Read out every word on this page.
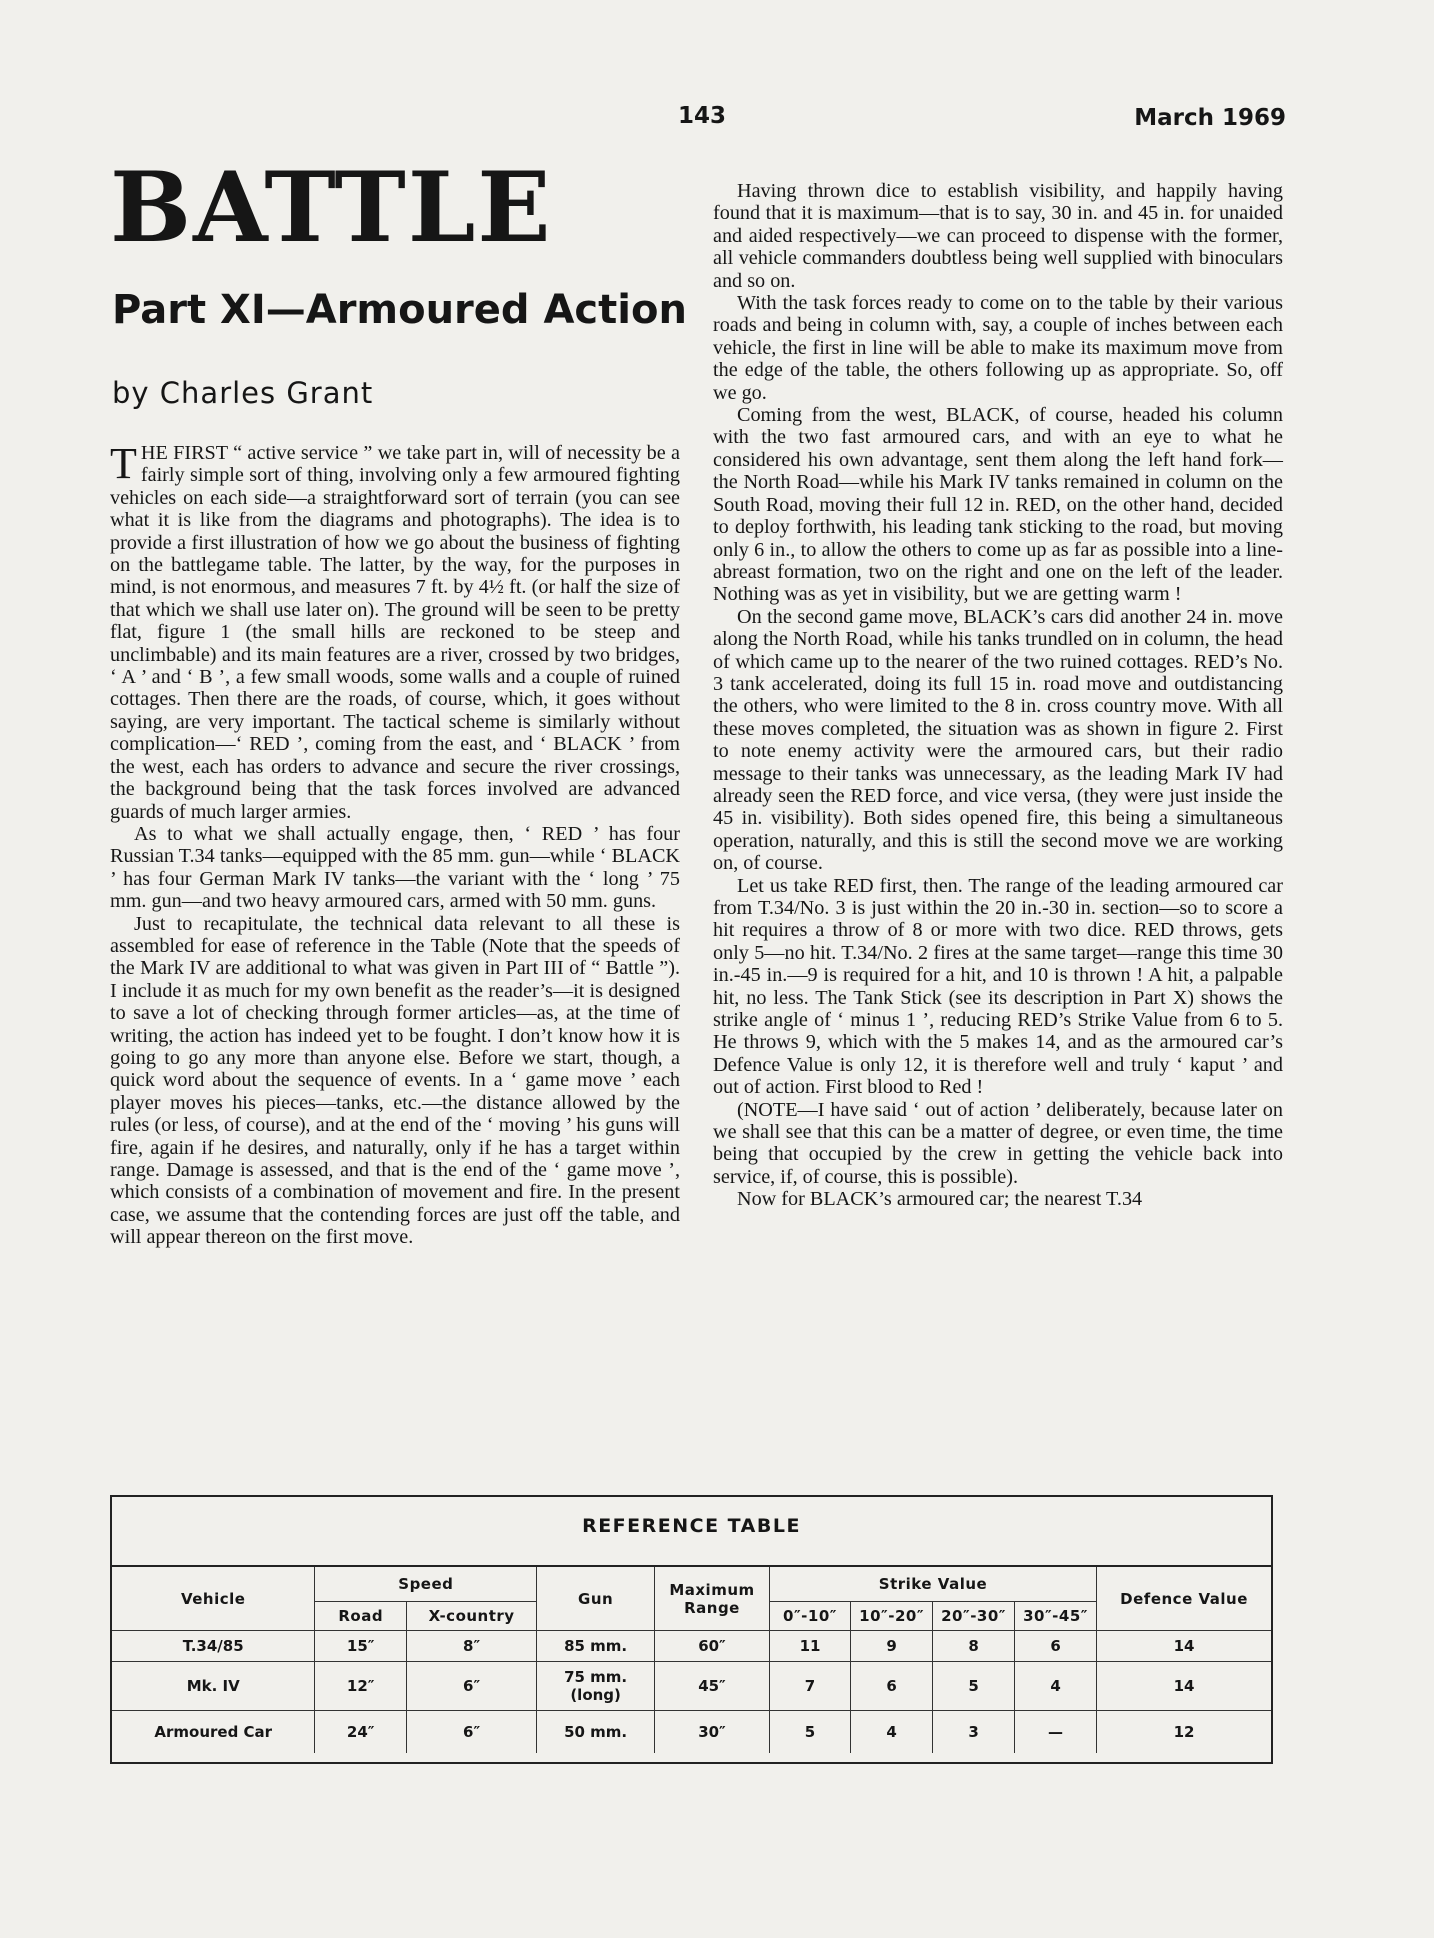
143	March 1969
BATTLE
Part XI—Armoured Action
by Charles Grant

THE FIRST “ active service ” we take part in, will of necessity be a fairly simple sort of thing, involving only a few armoured fighting vehicles on each side—a straightforward sort of terrain (you can see what it is like from the diagrams and photographs). The idea is to provide a first illustration of how we go about the business of fighting on the battlegame table. The latter, by the way, for the purposes in mind, is not enormous, and measures 7 ft. by 4½ ft. (or half the size of that which we shall use later on). The ground will be seen to be pretty flat, figure 1 (the small hills are reckoned to be steep and unclimbable) and its main features are a river, crossed by two bridges, ‘ A ’ and ‘ B ’, a few small woods, some walls and a couple of ruined cottages. Then there are the roads, of course, which, it goes without saying, are very important. The tactical scheme is similarly without complication—‘ RED ’, coming from the east, and ‘ BLACK ’ from the west, each has orders to advance and secure the river crossings, the background being that the task forces involved are advanced guards of much larger armies.

As to what we shall actually engage, then, ‘ RED ’ has four Russian T.34 tanks—equipped with the 85 mm. gun—while ‘ BLACK ’ has four German Mark IV tanks—the variant with the ‘ long ’ 75 mm. gun—and two heavy armoured cars, armed with 50 mm. guns.

Just to recapitulate, the technical data relevant to all these is assembled for ease of reference in the Table (Note that the speeds of the Mark IV are additional to what was given in Part III of “ Battle ”). I include it as much for my own benefit as the reader’s—it is designed to save a lot of checking through former articles—as, at the time of writing, the action has indeed yet to be fought. I don’t know how it is going to go any more than anyone else. Before we start, though, a quick word about the sequence of events. In a ‘ game move ’ each player moves his pieces—tanks, etc.—the distance allowed by the rules (or less, of course), and at the end of the ‘ moving ’ his guns will fire, again if he desires, and naturally, only if he has a target within range. Damage is assessed, and that is the end of the ‘ game move ’, which consists of a combination of movement and fire. In the present case, we assume that the contending forces are just off the table, and will appear thereon on the first move.

Having thrown dice to establish visibility, and happily having found that it is maximum—that is to say, 30 in. and 45 in. for unaided and aided respectively—we can proceed to dispense with the former, all vehicle commanders doubtless being well supplied with binoculars and so on.

With the task forces ready to come on to the table by their various roads and being in column with, say, a couple of inches between each vehicle, the first in line will be able to make its maximum move from the edge of the table, the others following up as appropriate. So, off we go.

Coming from the west, BLACK, of course, headed his column with the two fast armoured cars, and with an eye to what he considered his own advantage, sent them along the left hand fork—the North Road—while his Mark IV tanks remained in column on the South Road, moving their full 12 in. RED, on the other hand, decided to deploy forthwith, his leading tank sticking to the road, but moving only 6 in., to allow the others to come up as far as possible into a line-abreast formation, two on the right and one on the left of the leader. Nothing was as yet in visibility, but we are getting warm !

On the second game move, BLACK’s cars did another 24 in. move along the North Road, while his tanks trundled on in column, the head of which came up to the nearer of the two ruined cottages. RED’s No. 3 tank accelerated, doing its full 15 in. road move and outdistancing the others, who were limited to the 8 in. cross country move. With all these moves completed, the situation was as shown in figure 2. First to note enemy activity were the armoured cars, but their radio message to their tanks was unnecessary, as the leading Mark IV had already seen the RED force, and vice versa, (they were just inside the 45 in. visibility). Both sides opened fire, this being a simultaneous operation, naturally, and this is still the second move we are working on, of course.

Let us take RED first, then. The range of the leading armoured car from T.34/No. 3 is just within the 20 in.-30 in. section—so to score a hit requires a throw of 8 or more with two dice. RED throws, gets only 5—no hit. T.34/No. 2 fires at the same target—range this time 30 in.-45 in.—9 is required for a hit, and 10 is thrown ! A hit, a palpable hit, no less. The Tank Stick (see its description in Part X) shows the strike angle of ‘ minus 1 ’, reducing RED’s Strike Value from 6 to 5. He throws 9, which with the 5 makes 14, and as the armoured car’s Defence Value is only 12, it is therefore well and truly ‘ kaput ’ and out of action. First blood to Red !

(NOTE—I have said ‘ out of action ’ deliberately, because later on we shall see that this can be a matter of degree, or even time, the time being that occupied by the crew in getting the vehicle back into service, if, of course, this is possible).

Now for BLACK’s armoured car; the nearest T.34

REFERENCE TABLE
Vehicle	Speed		Gun	Maximum Range	Strike Value				Defence Value
	Road	X-country			0″-10″	10″-20″	20″-30″	30″-45″	
T.34/85	15″	8″	85 mm.	60″	11	9	8	6	14
Mk. IV	12″	6″	75 mm. (long)	45″	7	6	5	4	14
Armoured Car	24″	6″	50 mm.	30″	5	4	3	—	12
